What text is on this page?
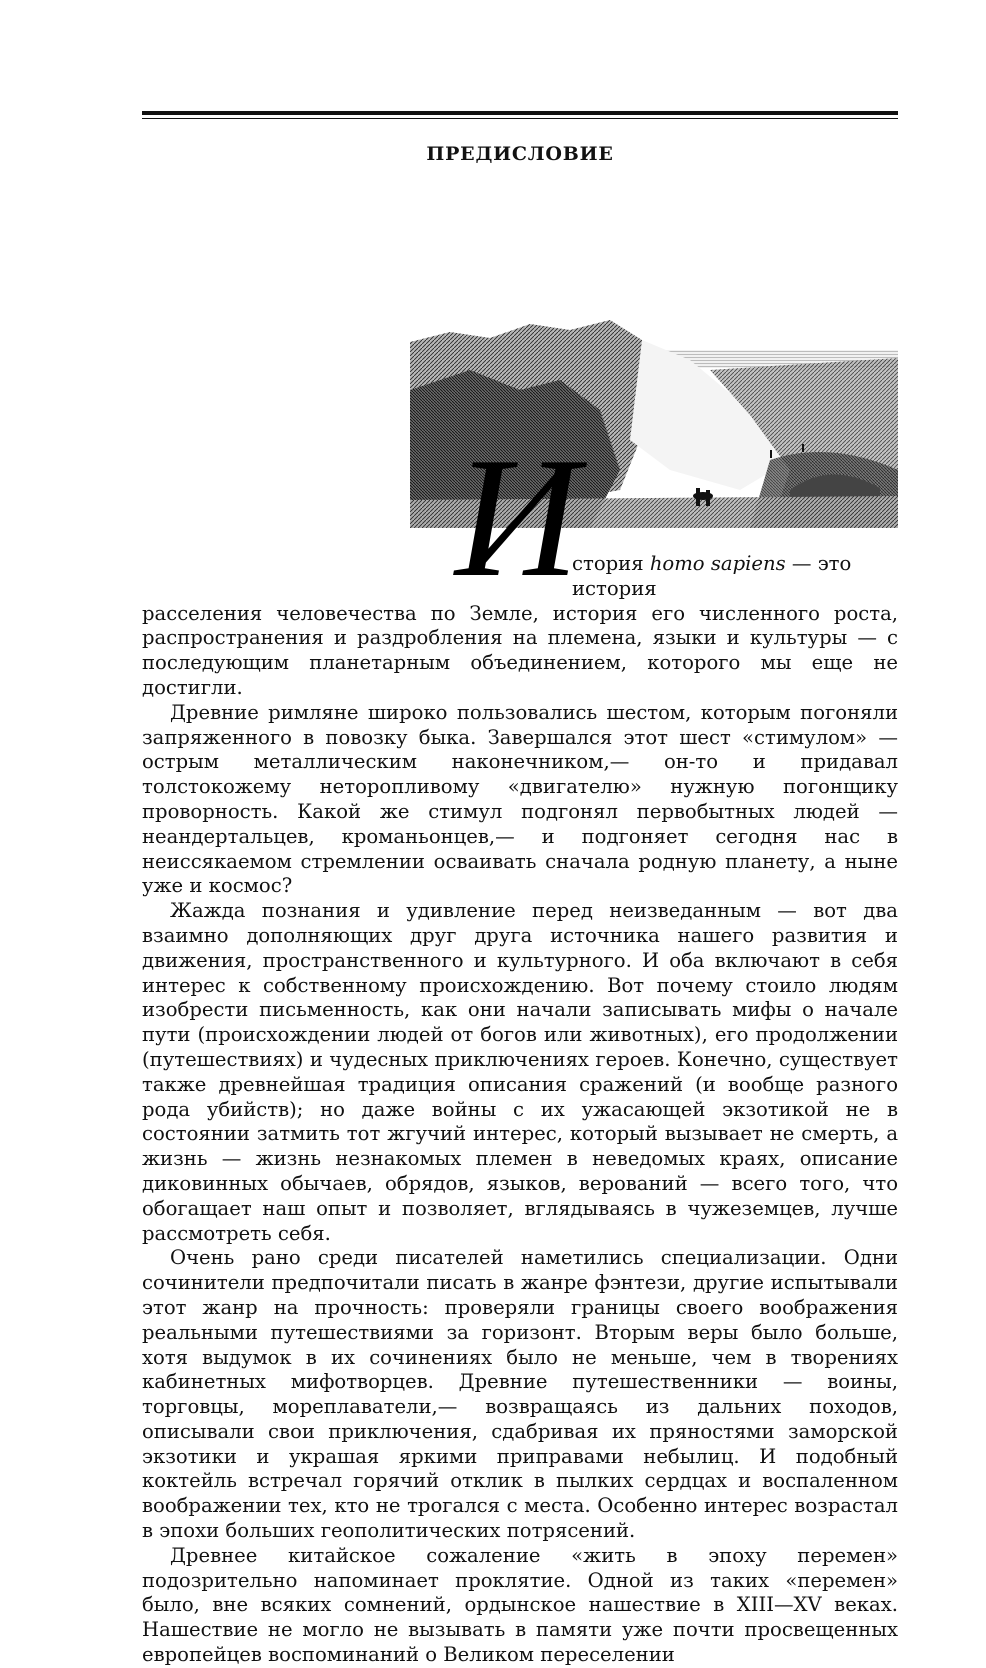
ПРЕДИСЛОВИЕ
И

стория homo sapiens — это история
расселения человечества по Земле, история его численного роста, распространения и раздробления на племена, языки и культуры — с последующим планетарным объединением, которого мы еще не достигли.

Древние римляне широко пользовались шестом, которым погоняли запряженного в повозку быка. Завершался этот шест «стимулом» — острым металлическим наконечником,— он-то и придавал толстокожему неторопливому «двигателю» нужную погонщику проворность. Какой же стимул подгонял первобытных людей — неандертальцев, кроманьонцев,— и подгоняет сегодня нас в неиссякаемом стремлении осваивать сначала родную планету, а ныне уже и космос?

Жажда познания и удивление перед неизведанным — вот два взаимно дополняющих друг друга источника нашего развития и движения, пространственного и культурного. И оба включают в себя интерес к собственному происхождению. Вот почему стоило людям изобрести письменность, как они начали записывать мифы о начале пути (происхождении людей от богов или животных), его продолжении (путешествиях) и чудесных приключениях героев. Конечно, существует также древнейшая традиция описания сражений (и вообще разного рода убийств); но даже войны с их ужасающей экзотикой не в состоянии затмить тот жгучий интерес, который вызывает не смерть, а жизнь — жизнь незнакомых племен в неведомых краях, описание диковинных обычаев, обрядов, языков, верований — всего того, что обогащает наш опыт и позволяет, вглядываясь в чужеземцев, лучше рассмотреть себя.

Очень рано среди писателей наметились специализации. Одни сочинители предпочитали писать в жанре фэнтези, другие испытывали этот жанр на прочность: проверяли границы своего воображения реальными путешествиями за горизонт. Вторым веры было больше, хотя выдумок в их сочинениях было не меньше, чем в творениях кабинетных мифотворцев. Древние путешественники — воины, торговцы, мореплаватели,— возвращаясь из дальних походов, описывали свои приключения, сдабривая их пряностями заморской экзотики и украшая яркими приправами небылиц. И подобный коктейль встречал горячий отклик в пылких сердцах и воспаленном воображении тех, кто не трогался с места. Особенно интерес возрастал в эпохи больших геополитических потрясений.

Древнее китайское сожаление «жить в эпоху перемен» подозрительно напоминает проклятие. Одной из таких «перемен» было, вне всяких сомнений, ордынское нашествие в XIII—XV веках. Нашествие не могло не вызывать в памяти уже почти просвещенных европейцев воспоминаний о Великом переселении
